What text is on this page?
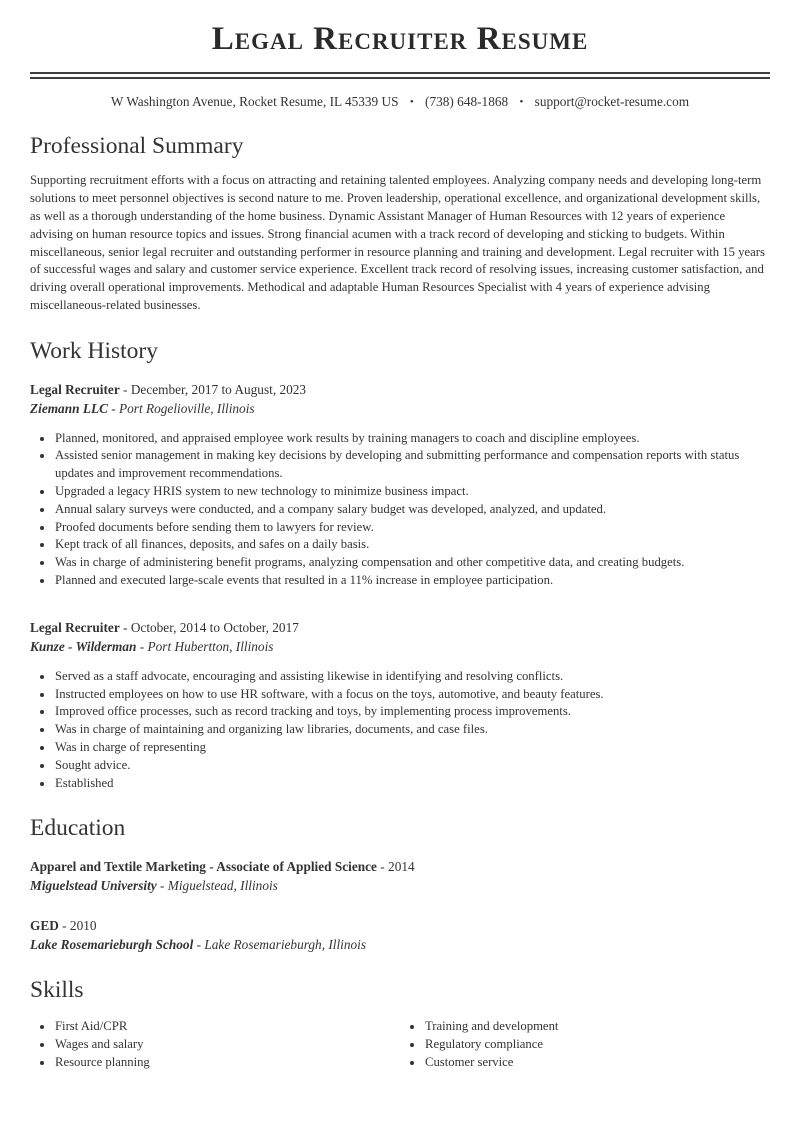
Legal Recruiter Resume
W Washington Avenue, Rocket Resume, IL 45339 US • (738) 648-1868 • support@rocket-resume.com
Professional Summary

Supporting recruitment efforts with a focus on attracting and retaining talented employees. Analyzing company needs and developing long-term solutions to meet personnel objectives is second nature to me. Proven leadership, operational excellence, and organizational development skills, as well as a thorough understanding of the home business. Dynamic Assistant Manager of Human Resources with 12 years of experience advising on human resource topics and issues. Strong financial acumen with a track record of developing and sticking to budgets. Within miscellaneous, senior legal recruiter and outstanding performer in resource planning and training and development. Legal recruiter with 15 years of successful wages and salary and customer service experience. Excellent track record of resolving issues, increasing customer satisfaction, and driving overall operational improvements. Methodical and adaptable Human Resources Specialist with 4 years of experience advising miscellaneous-related businesses.

Work History

Legal Recruiter - December, 2017 to August, 2023

Ziemann LLC - Port Rogelioville, Illinois

• Planned, monitored, and appraised employee work results by training managers to coach and discipline employees.
• Assisted senior management in making key decisions by developing and submitting performance and compensation reports with status updates and improvement recommendations.
• Upgraded a legacy HRIS system to new technology to minimize business impact.
• Annual salary surveys were conducted, and a company salary budget was developed, analyzed, and updated.
• Proofed documents before sending them to lawyers for review.
• Kept track of all finances, deposits, and safes on a daily basis.
• Was in charge of administering benefit programs, analyzing compensation and other competitive data, and creating budgets.
• Planned and executed large-scale events that resulted in a 11% increase in employee participation.

Legal Recruiter - October, 2014 to October, 2017

Kunze - Wilderman - Port Hubertton, Illinois

• Served as a staff advocate, encouraging and assisting likewise in identifying and resolving conflicts.
• Instructed employees on how to use HR software, with a focus on the toys, automotive, and beauty features.
• Improved office processes, such as record tracking and toys, by implementing process improvements.
• Was in charge of maintaining and organizing law libraries, documents, and case files.
• Was in charge of representing
• Sought advice.
• Established
Education

Apparel and Textile Marketing - Associate of Applied Science - 2014

Miguelstead University - Miguelstead, Illinois

GED - 2010

Lake Rosemarieburgh School - Lake Rosemarieburgh, Illinois

Skills
• First Aid/CPR
• Wages and salary
• Resource planning
• Training and development
• Regulatory compliance
• Customer service
